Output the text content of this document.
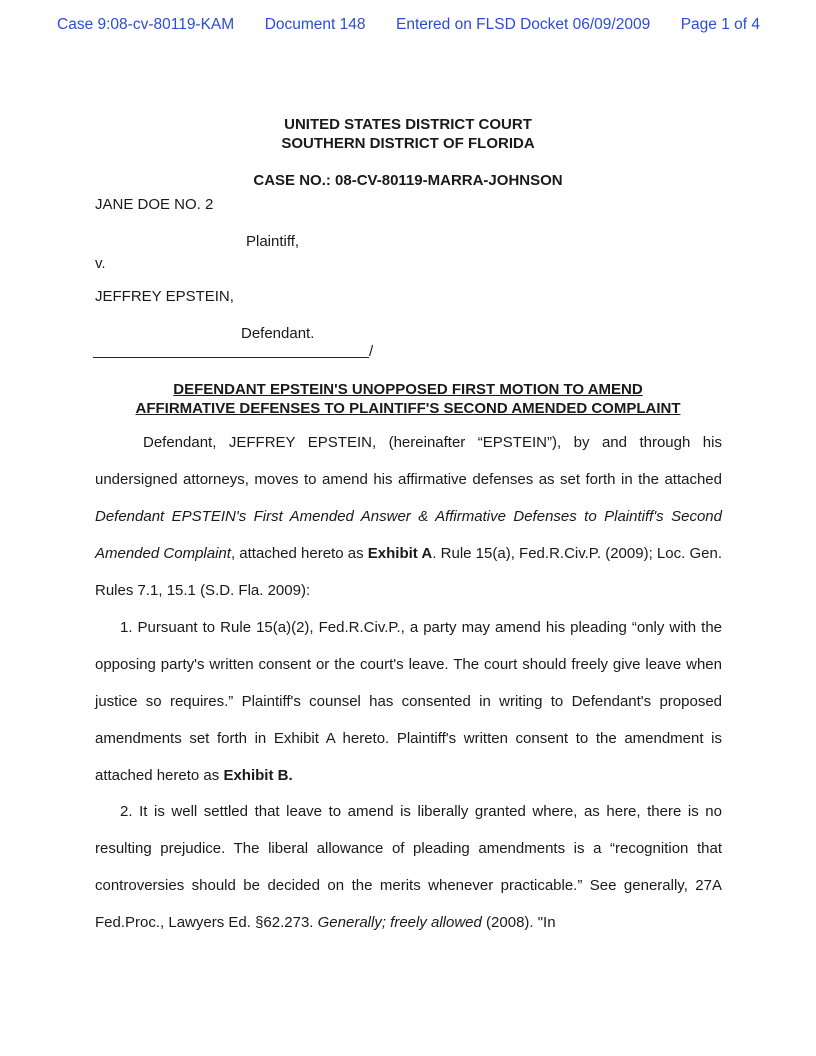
Case 9:08-cv-80119-KAM Document 148 Entered on FLSD Docket 06/09/2009 Page 1 of 4
UNITED STATES DISTRICT COURT
SOUTHERN DISTRICT OF FLORIDA
CASE NO.: 08-CV-80119-MARRA-JOHNSON
JANE DOE NO. 2
Plaintiff,
v.
JEFFREY EPSTEIN,
Defendant.
/
DEFENDANT EPSTEIN'S UNOPPOSED FIRST MOTION TO AMEND
AFFIRMATIVE DEFENSES TO PLAINTIFF'S SECOND AMENDED COMPLAINT
Defendant, JEFFREY EPSTEIN, (hereinafter “EPSTEIN”), by and through his undersigned attorneys, moves to amend his affirmative defenses as set forth in the attached Defendant EPSTEIN's First Amended Answer & Affirmative Defenses to Plaintiff's Second Amended Complaint, attached hereto as Exhibit A. Rule 15(a), Fed.R.Civ.P. (2009); Loc. Gen. Rules 7.1, 15.1 (S.D. Fla. 2009):
1. Pursuant to Rule 15(a)(2), Fed.R.Civ.P., a party may amend his pleading “only with the opposing party's written consent or the court's leave. The court should freely give leave when justice so requires.” Plaintiff's counsel has consented in writing to Defendant's proposed amendments set forth in Exhibit A hereto. Plaintiff's written consent to the amendment is attached hereto as Exhibit B.
2. It is well settled that leave to amend is liberally granted where, as here, there is no resulting prejudice. The liberal allowance of pleading amendments is a “recognition that controversies should be decided on the merits whenever practicable.” See generally, 27A Fed.Proc., Lawyers Ed. §62.273. Generally; freely allowed (2008). "In
